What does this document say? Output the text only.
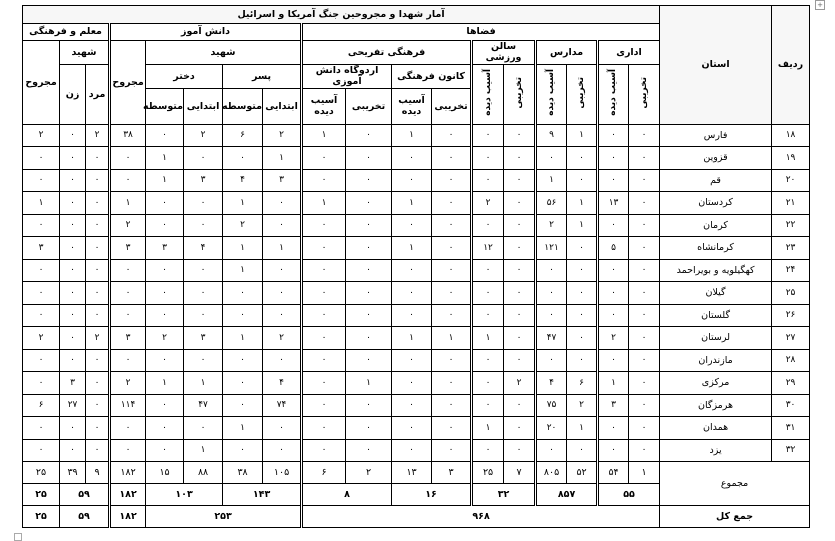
+
ردیف	استان	آمار شهدا و مجروحین جنگ آمریکا و اسرائیل																	
		فضاها										دانش آموز					معلم و فرهنگی		
		اداری		مدارس		سالن ورزشی		فرهنگی تفریحی				شهید				مجروح	شهید		مجروح
		تخریبی	آسیب دیده	تخریبی	آسیب دیده	تخریبی	آسیب دیده	کانون فرهنگی		اردوگاه دانش آموزی		پسر		دختر			مرد	زن	
								تخریبی	آسیب دیده	تخریبی	آسیب دیده	ابتدایی	متوسطه	ابتدایی	متوسطه				
۱۸	فارس	۰	۰	۱	۹	۰	۰	۰	۱	۰	۱	۲	۶	۲	۰	۳۸	۲	۰	۲
۱۹	قزوین	۰	۰	۰	۰	۰	۰	۰	۰	۰	۰	۱	۰	۰	۱	۰	۰	۰	۰
۲۰	قم	۰	۰	۰	۱	۰	۰	۰	۰	۰	۰	۳	۴	۳	۱	۰	۰	۰	۰
۲۱	کردستان	۰	۱۳	۱	۵۶	۰	۲	۰	۱	۰	۱	۰	۱	۰	۰	۱	۰	۰	۱
۲۲	کرمان	۰	۰	۱	۲	۰	۰	۰	۰	۰	۰	۰	۲	۰	۰	۲	۰	۰	۰
۲۳	کرمانشاه	۰	۵	۰	۱۲۱	۰	۱۲	۰	۱	۰	۰	۱	۱	۴	۳	۳	۰	۰	۳
۲۴	کهگیلویه و بویراحمد	۰	۰	۰	۰	۰	۰	۰	۰	۰	۰	۰	۱	۰	۰	۰	۰	۰	۰
۲۵	گیلان	۰	۰	۰	۰	۰	۰	۰	۰	۰	۰	۰	۰	۰	۰	۰	۰	۰	۰
۲۶	گلستان	۰	۰	۰	۰	۰	۰	۰	۰	۰	۰	۰	۰	۰	۰	۰	۰	۰	۰
۲۷	لرستان	۰	۲	۰	۴۷	۰	۱	۱	۱	۰	۰	۲	۱	۳	۲	۳	۲	۰	۲
۲۸	مازندران	۰	۰	۰	۰	۰	۰	۰	۰	۰	۰	۰	۰	۰	۰	۰	۰	۰	۰
۲۹	مرکزی	۰	۱	۶	۴	۲	۰	۰	۰	۱	۰	۴	۰	۱	۱	۲	۰	۳	۰
۳۰	هرمزگان	۰	۳	۲	۷۵	۰	۰	۰	۰	۰	۰	۷۴	۰	۴۷	۰	۱۱۴	۰	۲۷	۶
۳۱	همدان	۰	۰	۱	۲۰	۰	۱	۰	۰	۰	۰	۰	۱	۰	۰	۰	۰	۰	۰
۳۲	یزد	۰	۰	۰	۰	۰	۰	۰	۰	۰	۰	۰	۰	۱	۰	۰	۰	۰	۰
مجموع		۱	۵۴	۵۲	۸۰۵	۷	۲۵	۳	۱۳	۲	۶	۱۰۵	۳۸	۸۸	۱۵	۱۸۲	۹	۳۹	۲۵
		۵۵		۸۵۷		۳۲		۱۶		۸		۱۴۳		۱۰۳		۱۸۲	۵۹		۲۵
جمع کل		۹۶۸										۲۵۳				۱۸۲	۵۹		۲۵
